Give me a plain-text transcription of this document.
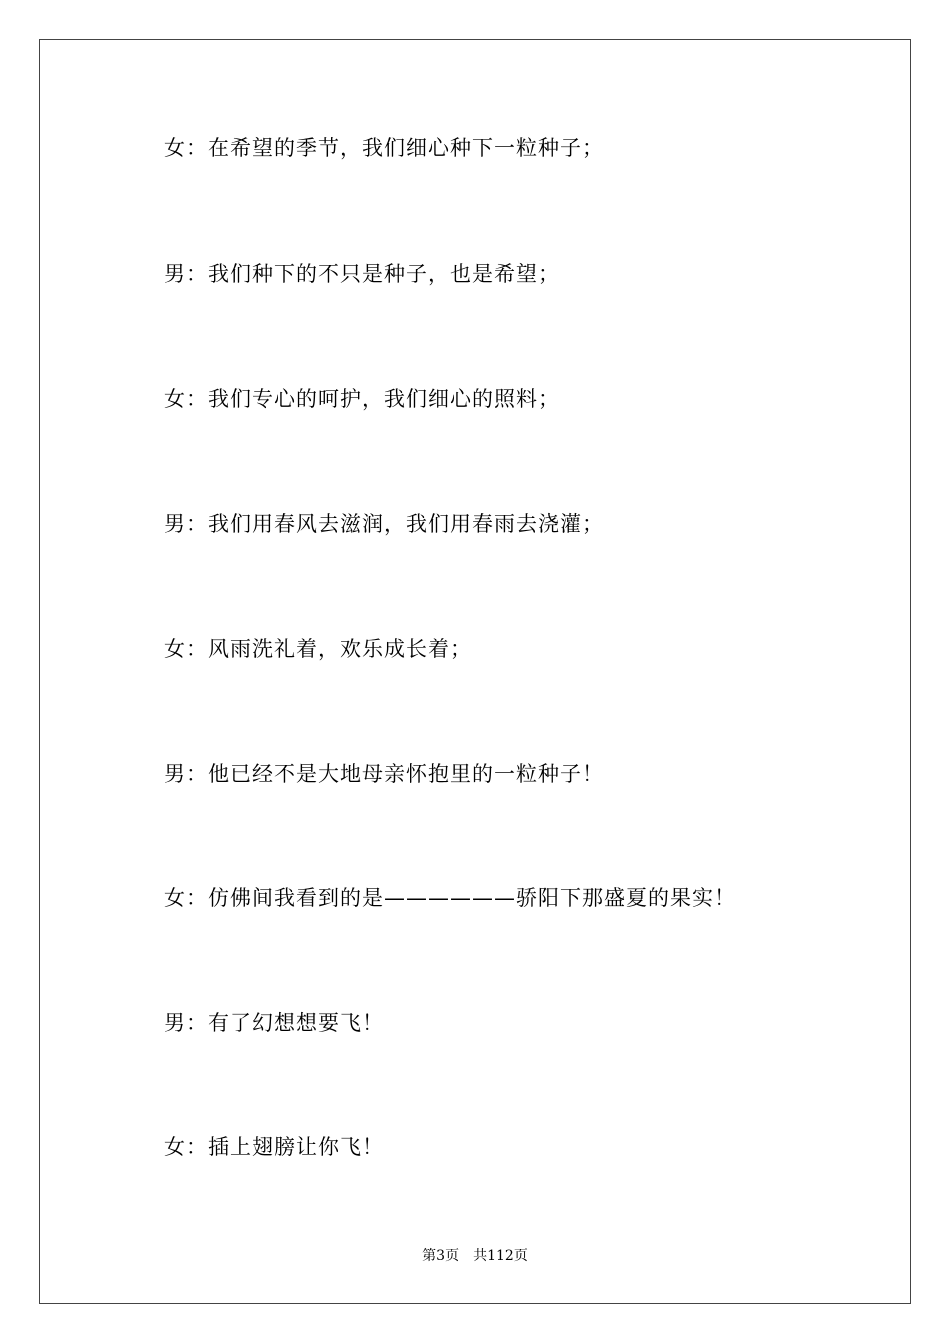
女：在希望的季节，我们细心种下一粒种子；
男：我们种下的不只是种子，也是希望；
女：我们专心的呵护，我们细心的照料；
男：我们用春风去滋润，我们用春雨去浇灌；
女：风雨洗礼着，欢乐成长着；
男：他已经不是大地母亲怀抱里的一粒种子！
女：仿佛间我看到的是——————骄阳下那盛夏的果实！
男：有了幻想想要飞！
女：插上翅膀让你飞！
第3页 共112页
